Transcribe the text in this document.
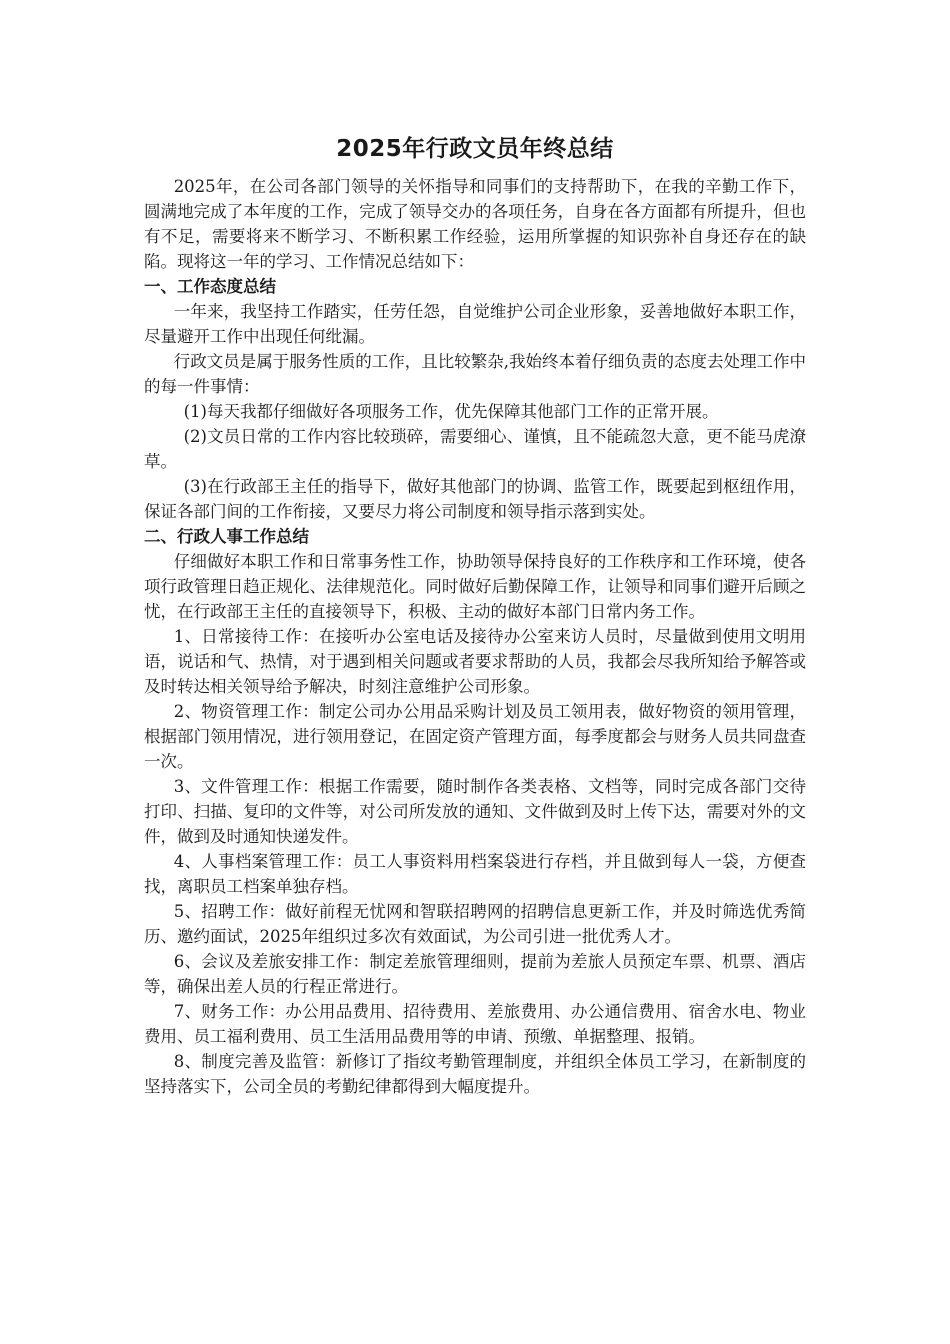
2025年行政文员年终总结

2025年，在公司各部门领导的关怀指导和同事们的支持帮助下，在我的辛勤工作下，圆满地完成了本年度的工作，完成了领导交办的各项任务，自身在各方面都有所提升，但也有不足，需要将来不断学习、不断积累工作经验，运用所掌握的知识弥补自身还存在的缺陷。现将这一年的学习、工作情况总结如下：

一、工作态度总结

一年来，我坚持工作踏实，任劳任怨，自觉维护公司企业形象，妥善地做好本职工作，尽量避开工作中出现任何纰漏。

行政文员是属于服务性质的工作，且比较繁杂,我始终本着仔细负责的态度去处理工作中的每一件事情：

(1)每天我都仔细做好各项服务工作，优先保障其他部门工作的正常开展。

(2)文员日常的工作内容比较琐碎，需要细心、谨慎，且不能疏忽大意，更不能马虎潦草。

(3)在行政部王主任的指导下，做好其他部门的协调、监管工作，既要起到枢纽作用，保证各部门间的工作衔接，又要尽力将公司制度和领导指示落到实处。

二、行政人事工作总结

仔细做好本职工作和日常事务性工作，协助领导保持良好的工作秩序和工作环境，使各项行政管理日趋正规化、法律规范化。同时做好后勤保障工作，让领导和同事们避开后顾之忧，在行政部王主任的直接领导下，积极、主动的做好本部门日常内务工作。

1、日常接待工作：在接听办公室电话及接待办公室来访人员时，尽量做到使用文明用语，说话和气、热情，对于遇到相关问题或者要求帮助的人员，我都会尽我所知给予解答或及时转达相关领导给予解决，时刻注意维护公司形象。

2、物资管理工作：制定公司办公用品采购计划及员工领用表，做好物资的领用管理，根据部门领用情况，进行领用登记，在固定资产管理方面，每季度都会与财务人员共同盘查一次。

3、文件管理工作：根据工作需要，随时制作各类表格、文档等，同时完成各部门交待打印、扫描、复印的文件等，对公司所发放的通知、文件做到及时上传下达，需要对外的文件，做到及时通知快递发件。

4、人事档案管理工作：员工人事资料用档案袋进行存档，并且做到每人一袋，方便查找，离职员工档案单独存档。

5、招聘工作：做好前程无忧网和智联招聘网的招聘信息更新工作，并及时筛选优秀简历、邀约面试，2025年组织过多次有效面试，为公司引进一批优秀人才。

6、会议及差旅安排工作：制定差旅管理细则，提前为差旅人员预定车票、机票、酒店等，确保出差人员的行程正常进行。

7、财务工作：办公用品费用、招待费用、差旅费用、办公通信费用、宿舍水电、物业费用、员工福利费用、员工生活用品费用等的申请、预缴、单据整理、报销。

8、制度完善及监管：新修订了指纹考勤管理制度，并组织全体员工学习，在新制度的坚持落实下，公司全员的考勤纪律都得到大幅度提升。
